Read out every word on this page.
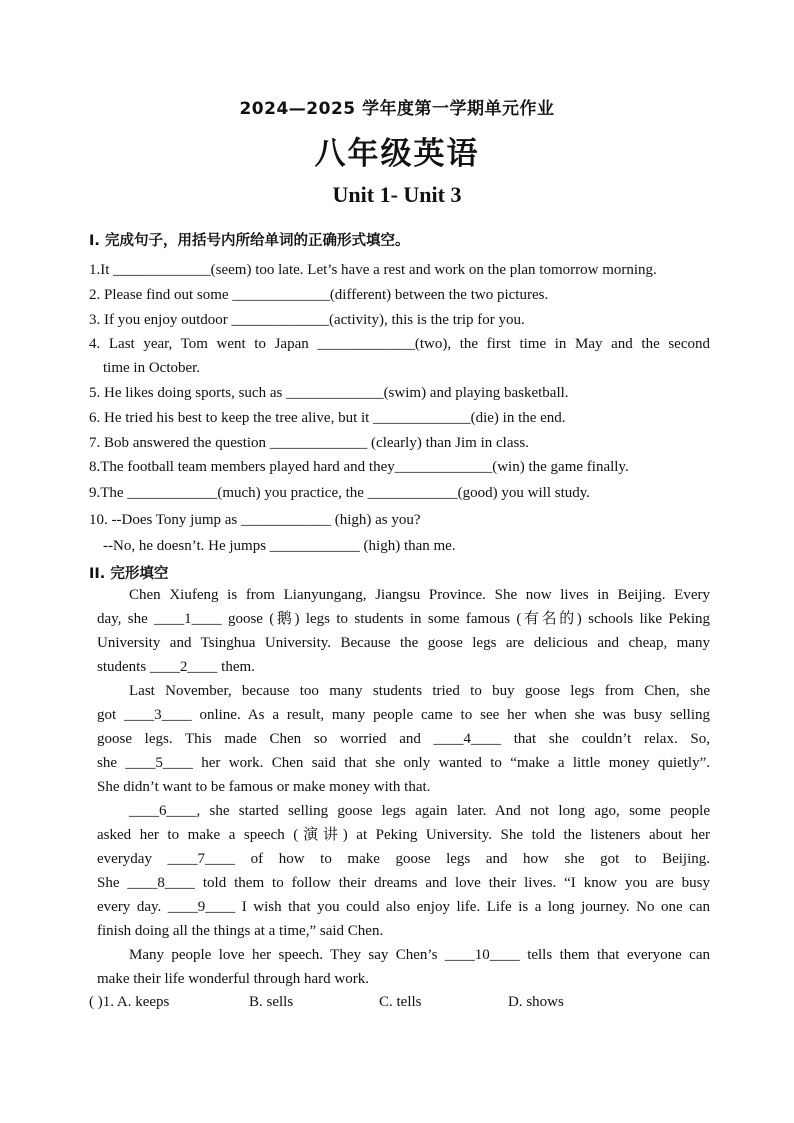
2024—2025 学年度第一学期单元作业
八年级英语
Unit 1- Unit 3
Ⅰ. 完成句子，用括号内所给单词的正确形式填空。
1.It _____________(seem) too late. Let’s have a rest and work on the plan tomorrow morning.
2. Please find out some _____________(different) between the two pictures.
3. If you enjoy outdoor _____________(activity), this is the trip for you.
4. Last year, Tom went to Japan _____________(two), the first time in May and the second
time in October.
5. He likes doing sports, such as _____________(swim) and playing basketball.
6. He tried his best to keep the tree alive, but it _____________(die) in the end.
7. Bob answered the question _____________ (clearly) than Jim in class.
8.The football team members played hard and they_____________(win) the game finally.
9.The ____________(much) you practice, the ____________(good) you will study.
10. --Does Tony jump as ____________ (high) as you?
--No, he doesn’t. He jumps ____________ (high) than me.
II. 完形填空
Chen Xiufeng is from Lianyungang, Jiangsu Province. She now lives in Beijing. Every
day, she ____1____ goose (鹅) legs to students in some famous (有名的) schools like Peking
University and Tsinghua University. Because the goose legs are delicious and cheap, many
students ____2____ them.
Last November, because too many students tried to buy goose legs from Chen, she
got ____3____ online. As a result, many people came to see her when she was busy selling
goose legs. This made Chen so worried and ____4____ that she couldn’t relax. So,
she ____5____ her work. Chen said that she only wanted to “make a little money quietly”.
She didn’t want to be famous or make money with that.
____6____, she started selling goose legs again later. And not long ago, some people
asked her to make a speech (演讲) at Peking University. She told the listeners about her
everyday ____7____ of how to make goose legs and how she got to Beijing.
She ____8____ told them to follow their dreams and love their lives. “I know you are busy
every day. ____9____ I wish that you could also enjoy life. Life is a long journey. No one can
finish doing all the things at a time,” said Chen.
Many people love her speech. They say Chen’s ____10____ tells them that everyone can
make their life wonderful through hard work.
( )1. A. keeps	B. sells	C. tells	D. shows
